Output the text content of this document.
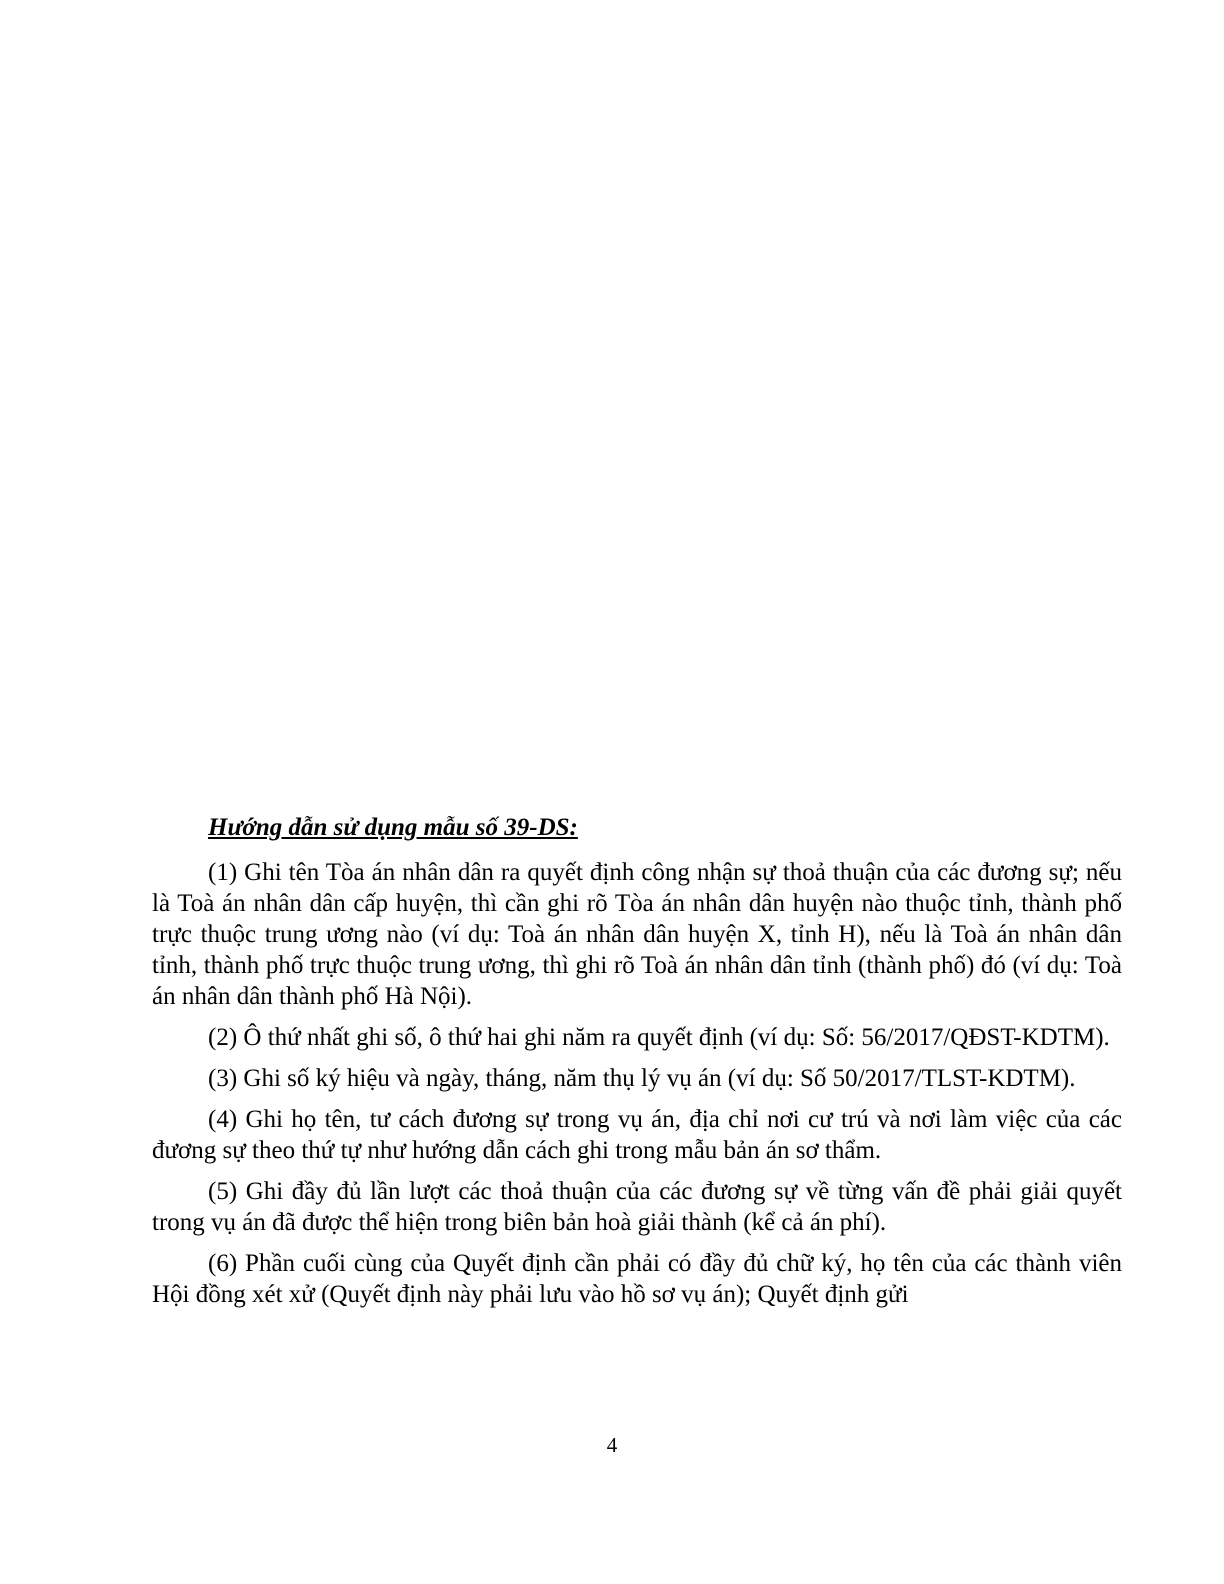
Hướng dẫn sử dụng mẫu số 39-DS:

(1) Ghi tên Tòa án nhân dân ra quyết định công nhận sự thoả thuận của các đương sự; nếu là Toà án nhân dân cấp huyện, thì cần ghi rõ Tòa án nhân dân huyện nào thuộc tỉnh, thành phố trực thuộc trung ương nào (ví dụ: Toà án nhân dân huyện X, tỉnh H), nếu là Toà án nhân dân tỉnh, thành phố trực thuộc trung ương, thì ghi rõ Toà án nhân dân tỉnh (thành phố) đó (ví dụ: Toà án nhân dân thành phố Hà Nội).

(2) Ô thứ nhất ghi số, ô thứ hai ghi năm ra quyết định (ví dụ: Số: 56/2017/QĐST-KDTM).

(3) Ghi số ký hiệu và ngày, tháng, năm thụ lý vụ án (ví dụ: Số 50/2017/TLST-KDTM).

(4) Ghi họ tên, tư cách đương sự trong vụ án, địa chỉ nơi cư trú và nơi làm việc của các đương sự theo thứ tự như hướng dẫn cách ghi trong mẫu bản án sơ thẩm.

(5) Ghi đầy đủ lần lượt các thoả thuận của các đương sự về từng vấn đề phải giải quyết trong vụ án đã được thể hiện trong biên bản hoà giải thành (kể cả án phí).

(6) Phần cuối cùng của Quyết định cần phải có đầy đủ chữ ký, họ tên của các thành viên Hội đồng xét xử (Quyết định này phải lưu vào hồ sơ vụ án); Quyết định gửi

4
